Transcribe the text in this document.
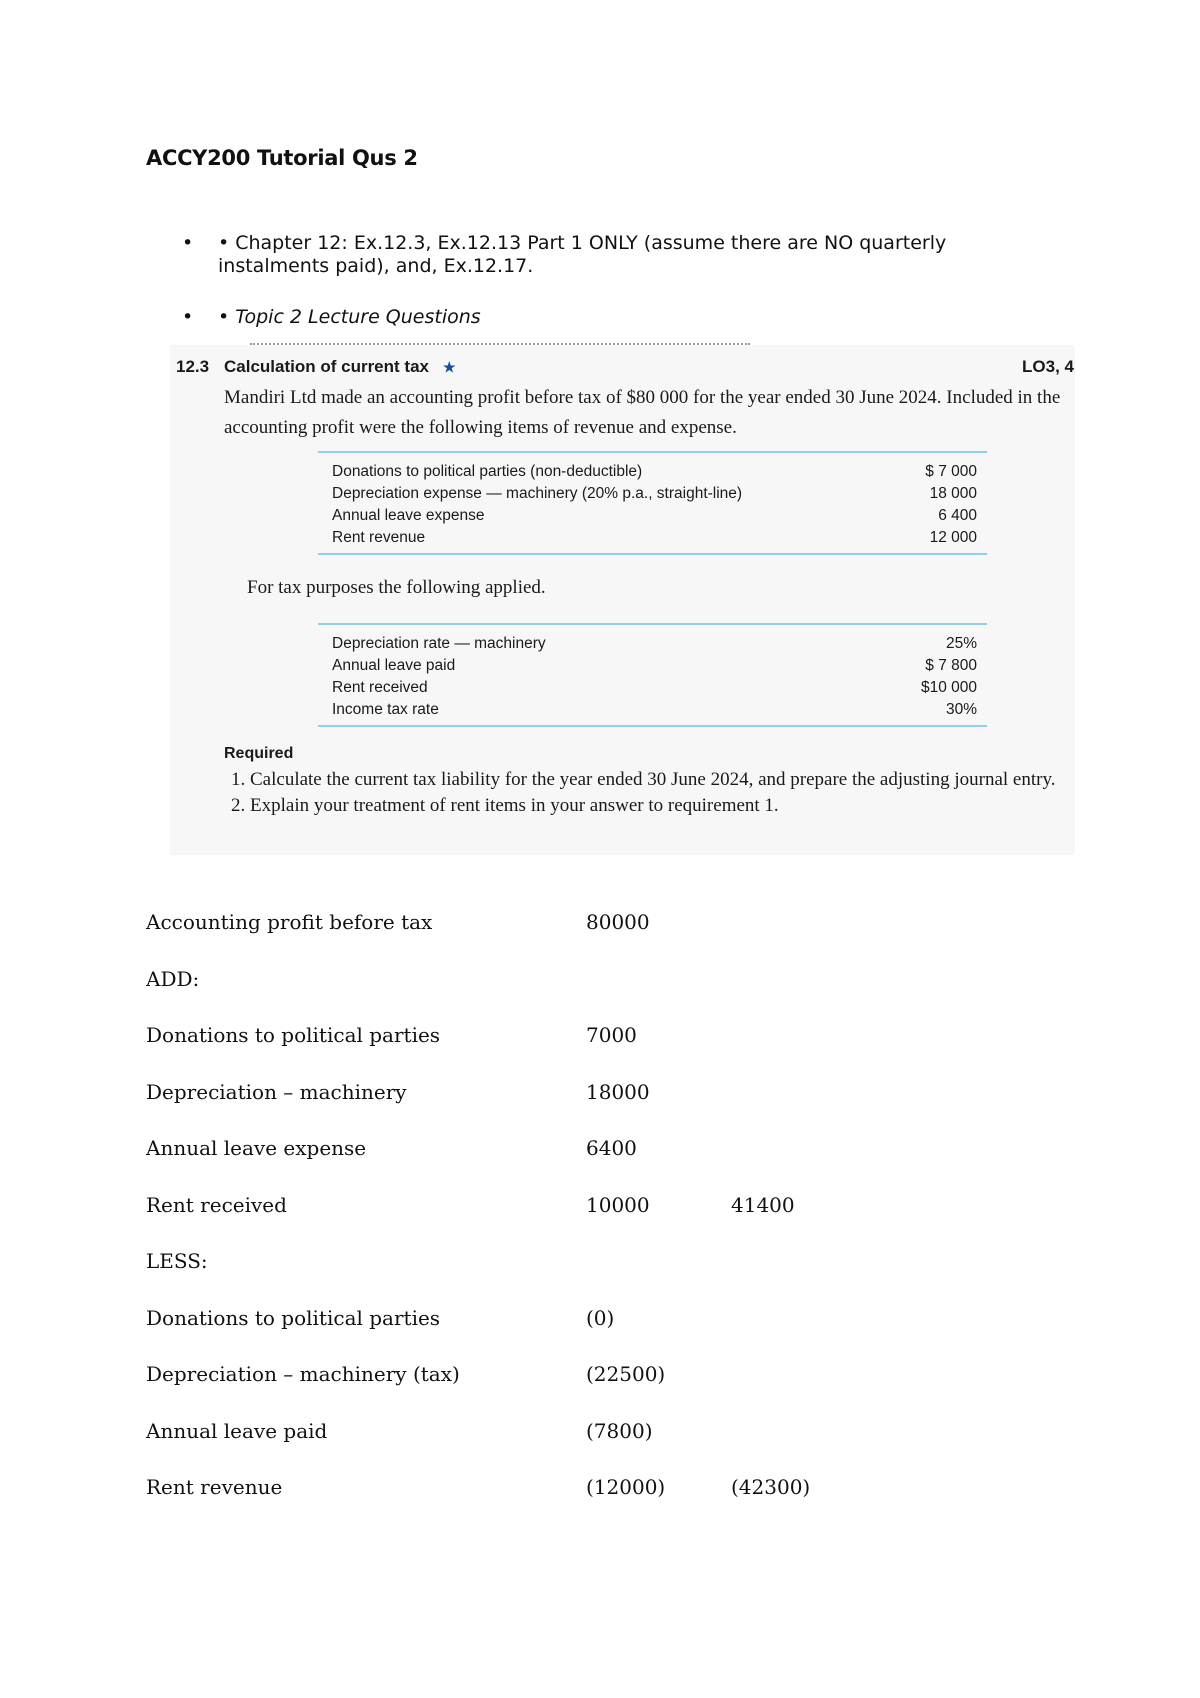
ACCY200 Tutorial Qus 2
• • Chapter 12: Ex.12.3, Ex.12.13 Part 1 ONLY (assume there are NO quarterly instalments paid), and, Ex.12.17.
• • Topic 2 Lecture Questions
12.3 Calculation of current tax ★	LO3, 4
Mandiri Ltd made an accounting profit before tax of $80 000 for the year ended 30 June 2024. Included in the accounting profit were the following items of revenue and expense.
Donations to political parties (non-deductible)	$ 7 000
Depreciation expense — machinery (20% p.a., straight-line)	18 000
Annual leave expense	6 400
Rent revenue	12 000
For tax purposes the following applied.
Depreciation rate — machinery	25%
Annual leave paid	$ 7 800
Rent received	$10 000
Income tax rate	30%
Required
1. Calculate the current tax liability for the year ended 30 June 2024, and prepare the adjusting journal entry.
2. Explain your treatment of rent items in your answer to requirement 1.
Accounting profit before tax	80000
ADD:
Donations to political parties	7000
Depreciation – machinery	18000
Annual leave expense	6400
Rent received	10000	41400
LESS:
Donations to political parties	(0)
Depreciation – machinery (tax)	(22500)
Annual leave paid	(7800)
Rent revenue	(12000)	(42300)
